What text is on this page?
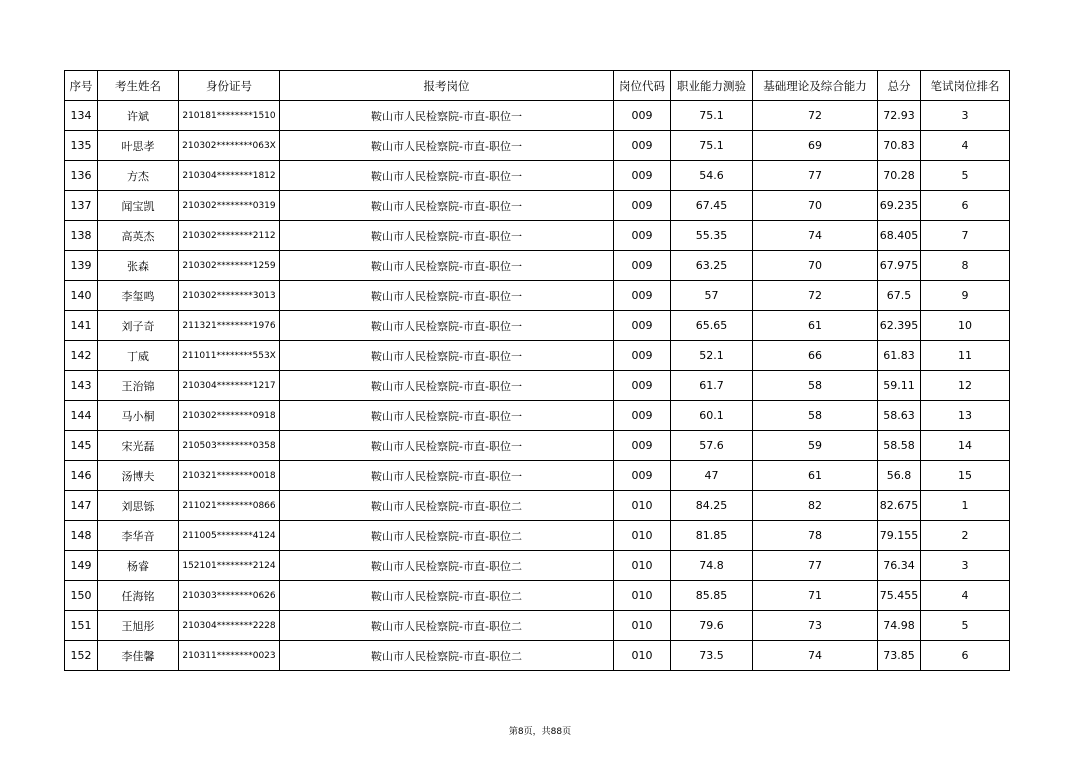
序号	考生姓名	身份证号	报考岗位	岗位代码	职业能力测验	基础理论及综合能力	总分	笔试岗位排名
134	许斌	210181********1510	鞍山市人民检察院-市直-职位一	009	75.1	72	72.93	3
135	叶思孝	210302********063X	鞍山市人民检察院-市直-职位一	009	75.1	69	70.83	4
136	方杰	210304********1812	鞍山市人民检察院-市直-职位一	009	54.6	77	70.28	5
137	闻宝凯	210302********0319	鞍山市人民检察院-市直-职位一	009	67.45	70	69.235	6
138	高英杰	210302********2112	鞍山市人民检察院-市直-职位一	009	55.35	74	68.405	7
139	张森	210302********1259	鞍山市人民检察院-市直-职位一	009	63.25	70	67.975	8
140	李玺鸣	210302********3013	鞍山市人民检察院-市直-职位一	009	57	72	67.5	9
141	刘子奇	211321********1976	鞍山市人民检察院-市直-职位一	009	65.65	61	62.395	10
142	丁威	211011********553X	鞍山市人民检察院-市直-职位一	009	52.1	66	61.83	11
143	王治锦	210304********1217	鞍山市人民检察院-市直-职位一	009	61.7	58	59.11	12
144	马小桐	210302********0918	鞍山市人民检察院-市直-职位一	009	60.1	58	58.63	13
145	宋光磊	210503********0358	鞍山市人民检察院-市直-职位一	009	57.6	59	58.58	14
146	汤博夫	210321********0018	鞍山市人民检察院-市直-职位一	009	47	61	56.8	15
147	刘思铄	211021********0866	鞍山市人民检察院-市直-职位二	010	84.25	82	82.675	1
148	李华音	211005********4124	鞍山市人民检察院-市直-职位二	010	81.85	78	79.155	2
149	杨睿	152101********2124	鞍山市人民检察院-市直-职位二	010	74.8	77	76.34	3
150	任海铭	210303********0626	鞍山市人民检察院-市直-职位二	010	85.85	71	75.455	4
151	王旭彤	210304********2228	鞍山市人民检察院-市直-职位二	010	79.6	73	74.98	5
152	李佳馨	210311********0023	鞍山市人民检察院-市直-职位二	010	73.5	74	73.85	6
第8页，共88页
